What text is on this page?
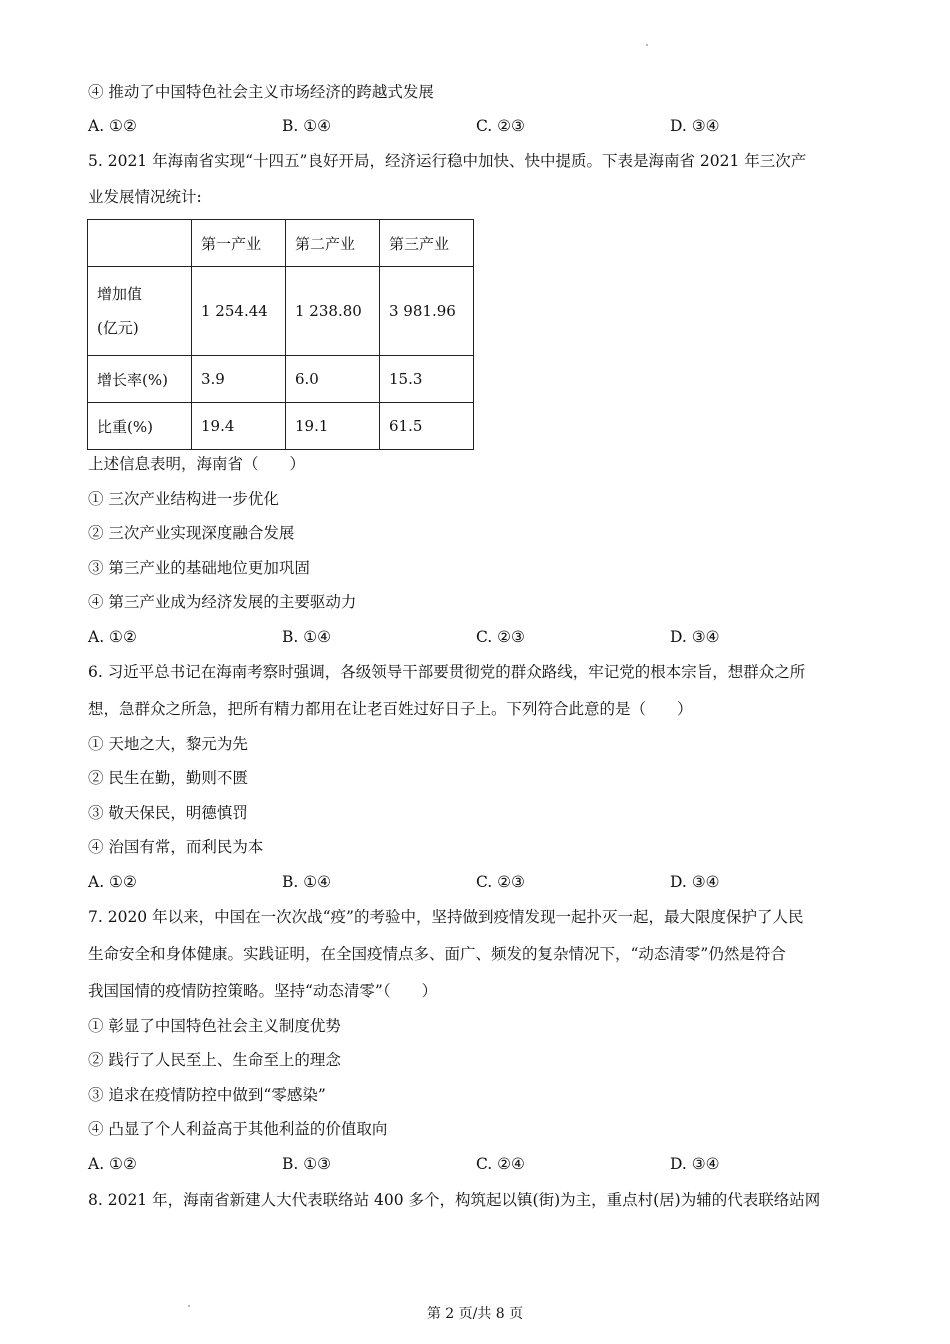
④ 推动了中国特色社会主义市场经济的跨越式发展
A. ①②	B. ①④	C. ②③	D. ③④
5. 2021 年海南省实现“十四五”良好开局，经济运行稳中加快、快中提质。下表是海南省 2021 年三次产
业发展情况统计:
	第一产业	第二产业	第三产业

增加值
(亿元)	1 254.44	1 238.80	3 981.96
增长率(%)	3.9	6.0	15.3
比重(%)	19.4	19.1	61.5
上述信息表明，海南省（　　）
① 三次产业结构进一步优化
② 三次产业实现深度融合发展
③ 第三产业的基础地位更加巩固
④ 第三产业成为经济发展的主要驱动力
A. ①②	B. ①④	C. ②③	D. ③④
6. 习近平总书记在海南考察时强调，各级领导干部要贯彻党的群众路线，牢记党的根本宗旨，想群众之所
想，急群众之所急，把所有精力都用在让老百姓过好日子上。下列符合此意的是（　　）
① 天地之大，黎元为先
② 民生在勤，勤则不匮
③ 敬天保民，明德慎罚
④ 治国有常，而利民为本
A. ①②	B. ①④	C. ②③	D. ③④
7. 2020 年以来，中国在一次次战“疫”的考验中，坚持做到疫情发现一起扑灭一起，最大限度保护了人民
生命安全和身体健康。实践证明，在全国疫情点多、面广、频发的复杂情况下，“动态清零”仍然是符合
我国国情的疫情防控策略。坚持“动态清零”（　　）
① 彰显了中国特色社会主义制度优势
② 践行了人民至上、生命至上的理念
③ 追求在疫情防控中做到“零感染”
④ 凸显了个人利益高于其他利益的价值取向
A. ①②	B. ①③	C. ②④	D. ③④
8. 2021 年，海南省新建人大代表联络站 400 多个，构筑起以镇(街)为主，重点村(居)为辅的代表联络站网
第 2 页/共 8 页
